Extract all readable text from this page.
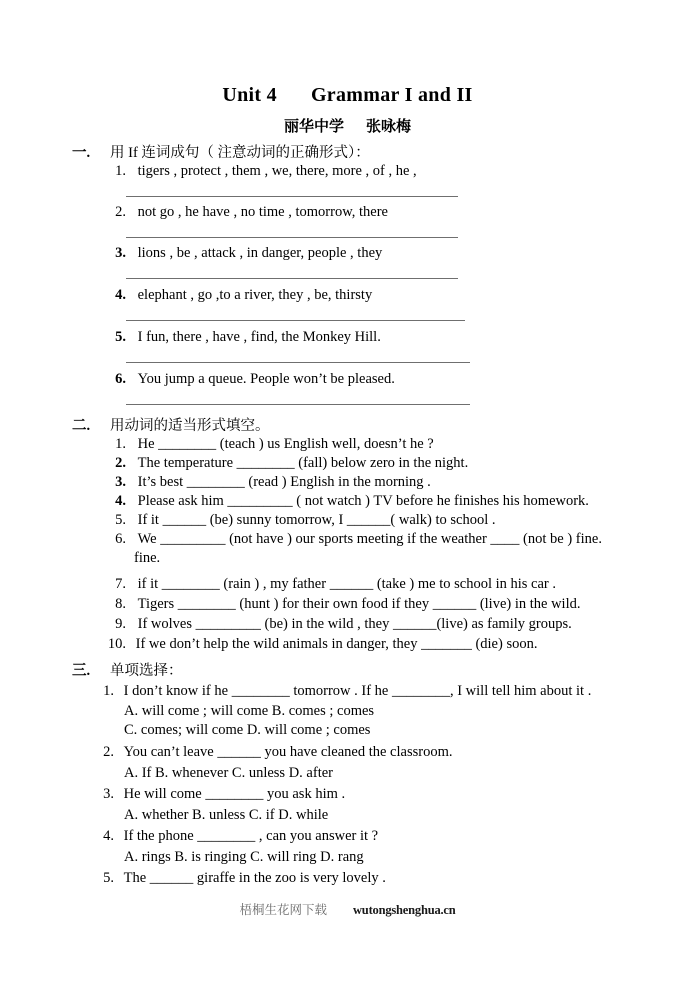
Unit 4 Grammar I and II
丽华中学 张咏梅
一. 用 If 连词成句（ 注意动词的正确形式）：
1. tigers , protect , them , we, there, more , of , he ,
2. not go , he have , no time , tomorrow, there
3. lions , be , attack , in danger, people , they
4. elephant , go ,to a river, they , be, thirsty
5. I fun, there , have , find, the Monkey Hill.
6. You jump a queue. People won’t be pleased.
二. 用动词的适当形式填空。
1. He ________ (teach ) us English well, doesn’t he ?
2. The temperature ________ (fall) below zero in the night.
3. It’s best ________ (read ) English in the morning .
4. Please ask him _________ ( not watch ) TV before he finishes his homework.
5. If it ______ (be) sunny tomorrow, I ______( walk) to school .
6. We _________ (not have ) our sports meeting if the weather ____ (not be ) fine.
fine.
7. if it ________ (rain ) , my father ______ (take ) me to school in his car .
8. Tigers ________ (hunt ) for their own food if they ______ (live) in the wild.
9. If wolves _________ (be) in the wild , they ______(live) as family groups.
10. If we don’t help the wild animals in danger, they _______ (die) soon.
三. 单项选择：
1. I don’t know if he ________ tomorrow . If he ________, I will tell him about it .
A. will come ; will come B. comes ; comes
C. comes; will come D. will come ; comes
2. You can’t leave ______ you have cleaned the classroom.
A. If B. whenever C. unless D. after
3. He will come ________ you ask him .
A. whether B. unless C. if D. while
4. If the phone ________ , can you answer it ?
A. rings B. is ringing C. will ring D. rang
5. The ______ giraffe in the zoo is very lovely .
梧桐生花网下载 wutongshenghua.cn
